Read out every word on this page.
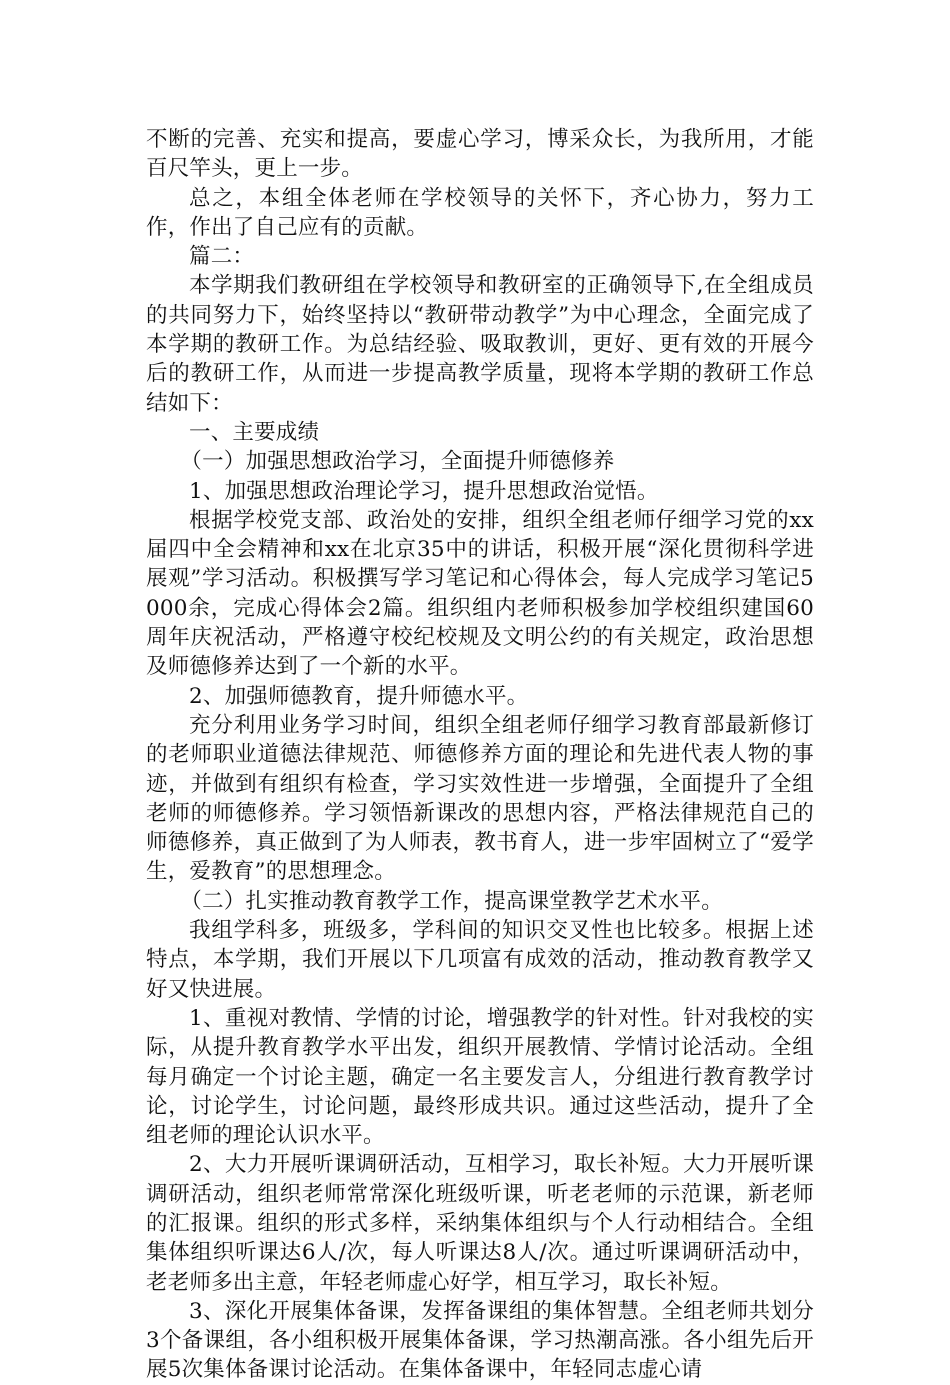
不断的完善、充实和提高，要虚心学习，博采众长，为我所用，才能百尺竿头，更上一步。

总之，本组全体老师在学校领导的关怀下，齐心协力，努力工作，作出了自己应有的贡献。

篇二：

本学期我们教研组在学校领导和教研室的正确领导下,在全组成员的共同努力下，始终坚持以“教研带动教学”为中心理念，全面完成了本学期的教研工作。为总结经验、吸取教训，更好、更有效的开展今后的教研工作，从而进一步提高教学质量，现将本学期的教研工作总结如下：

一、主要成绩

（一）加强思想政治学习，全面提升师德修养

1、加强思想政治理论学习，提升思想政治觉悟。

根据学校党支部、政治处的安排，组织全组老师仔细学习党的xx届四中全会精神和xx在北京35中的讲话，积极开展“深化贯彻科学进展观”学习活动。积极撰写学习笔记和心得体会，每人完成学习笔记5000余，完成心得体会2篇。组织组内老师积极参加学校组织建国60周年庆祝活动，严格遵守校纪校规及文明公约的有关规定，政治思想及师德修养达到了一个新的水平。

2、加强师德教育，提升师德水平。

充分利用业务学习时间，组织全组老师仔细学习教育部最新修订的老师职业道德法律规范、师德修养方面的理论和先进代表人物的事迹，并做到有组织有检查，学习实效性进一步增强，全面提升了全组老师的师德修养。学习领悟新课改的思想内容，严格法律规范自己的师德修养，真正做到了为人师表，教书育人，进一步牢固树立了“爱学生，爱教育”的思想理念。

（二）扎实推动教育教学工作，提高课堂教学艺术水平。

我组学科多，班级多，学科间的知识交叉性也比较多。根据上述特点，本学期，我们开展以下几项富有成效的活动，推动教育教学又好又快进展。

1、重视对教情、学情的讨论，增强教学的针对性。针对我校的实际，从提升教育教学水平出发，组织开展教情、学情讨论活动。全组每月确定一个讨论主题，确定一名主要发言人，分组进行教育教学讨论，讨论学生，讨论问题，最终形成共识。通过这些活动，提升了全组老师的理论认识水平。

2、大力开展听课调研活动，互相学习，取长补短。大力开展听课调研活动，组织老师常常深化班级听课，听老老师的示范课，新老师的汇报课。组织的形式多样，采纳集体组织与个人行动相结合。全组集体组织听课达6人/次，每人听课达8人/次。通过听课调研活动中，老老师多出主意，年轻老师虚心好学，相互学习，取长补短。

3、深化开展集体备课，发挥备课组的集体智慧。全组老师共划分3个备课组，各小组积极开展集体备课，学习热潮高涨。各小组先后开展5次集体备课讨论活动。在集体备课中，年轻同志虚心请
